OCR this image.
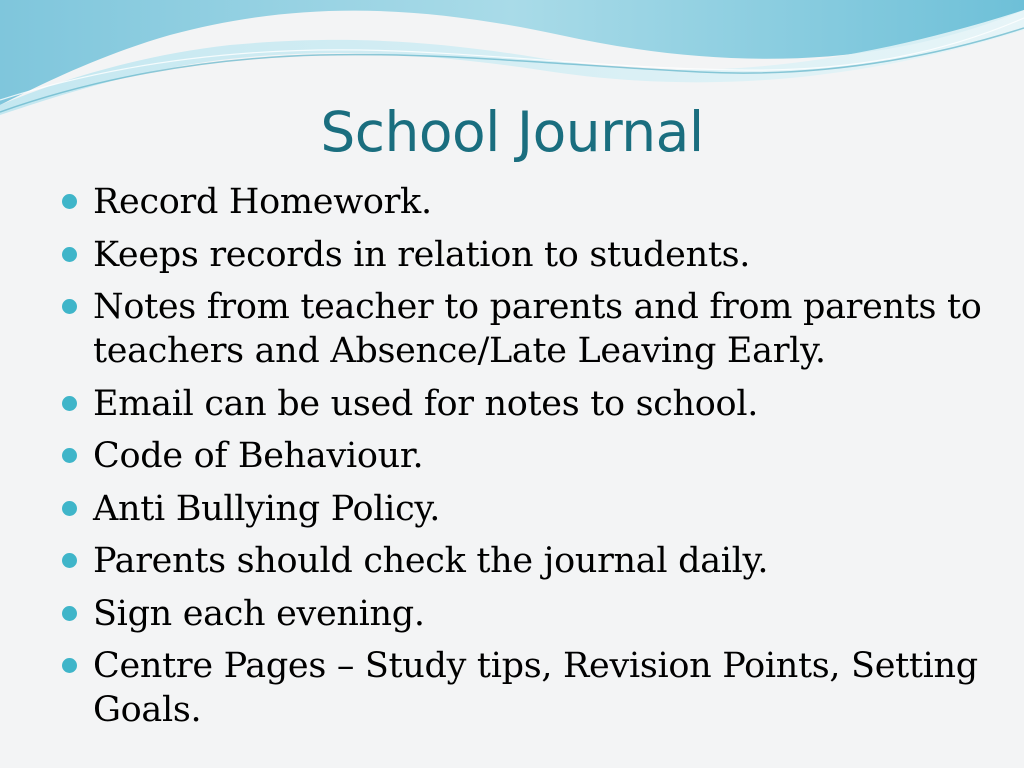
School Journal
Record Homework.
Keeps records in relation to students.
Notes from teacher to parents and from parents to teachers and Absence/Late Leaving Early.
Email can be used for notes to school.
Code of Behaviour.
Anti Bullying Policy.
Parents should check the journal daily.
Sign each evening.
Centre Pages – Study tips, Revision Points, Setting Goals.
